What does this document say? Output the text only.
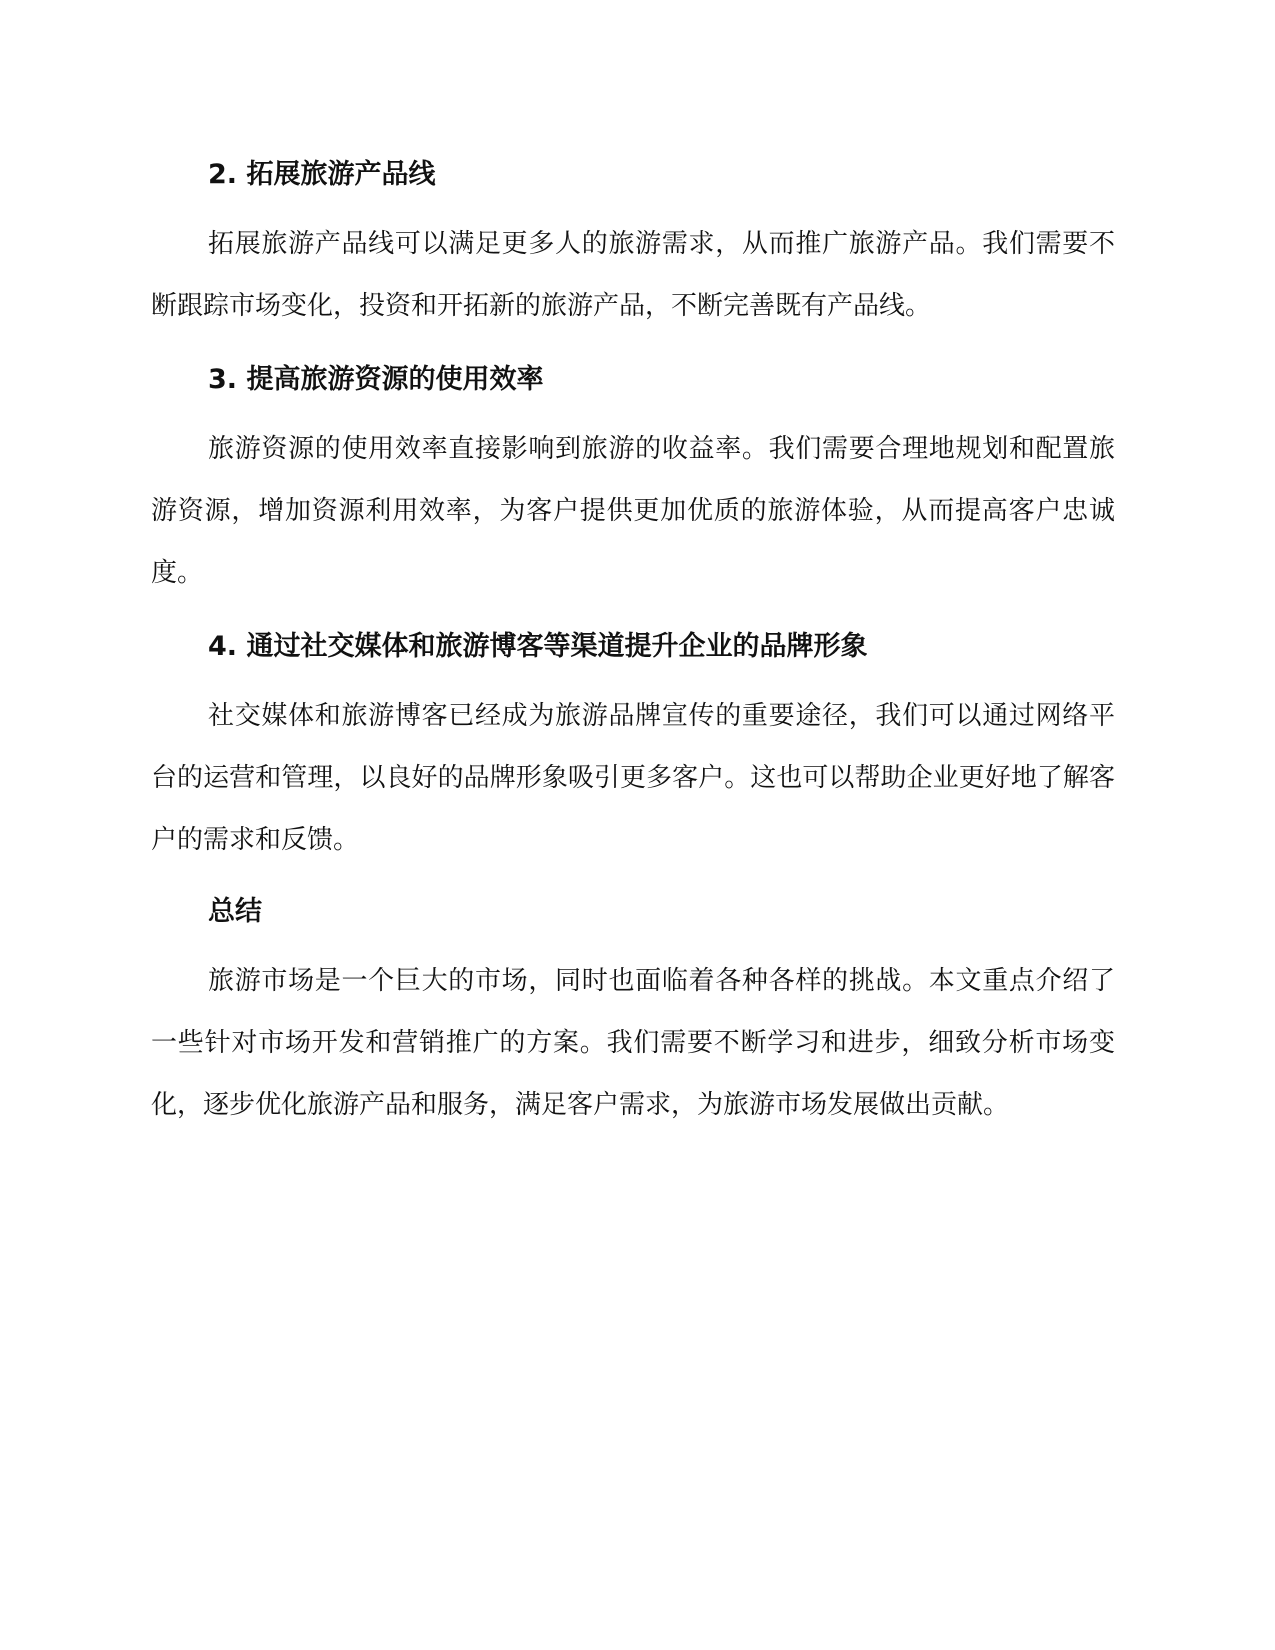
2. 拓展旅游产品线

拓展旅游产品线可以满足更多人的旅游需求，从而推广旅游产品。我们需要不断跟踪市场变化，投资和开拓新的旅游产品，不断完善既有产品线。

3. 提高旅游资源的使用效率

旅游资源的使用效率直接影响到旅游的收益率。我们需要合理地规划和配置旅游资源，增加资源利用效率，为客户提供更加优质的旅游体验，从而提高客户忠诚度。

4. 通过社交媒体和旅游博客等渠道提升企业的品牌形象

社交媒体和旅游博客已经成为旅游品牌宣传的重要途径，我们可以通过网络平台的运营和管理，以良好的品牌形象吸引更多客户。这也可以帮助企业更好地了解客户的需求和反馈。

总结

旅游市场是一个巨大的市场，同时也面临着各种各样的挑战。本文重点介绍了一些针对市场开发和营销推广的方案。我们需要不断学习和进步，细致分析市场变化，逐步优化旅游产品和服务，满足客户需求，为旅游市场发展做出贡献。
